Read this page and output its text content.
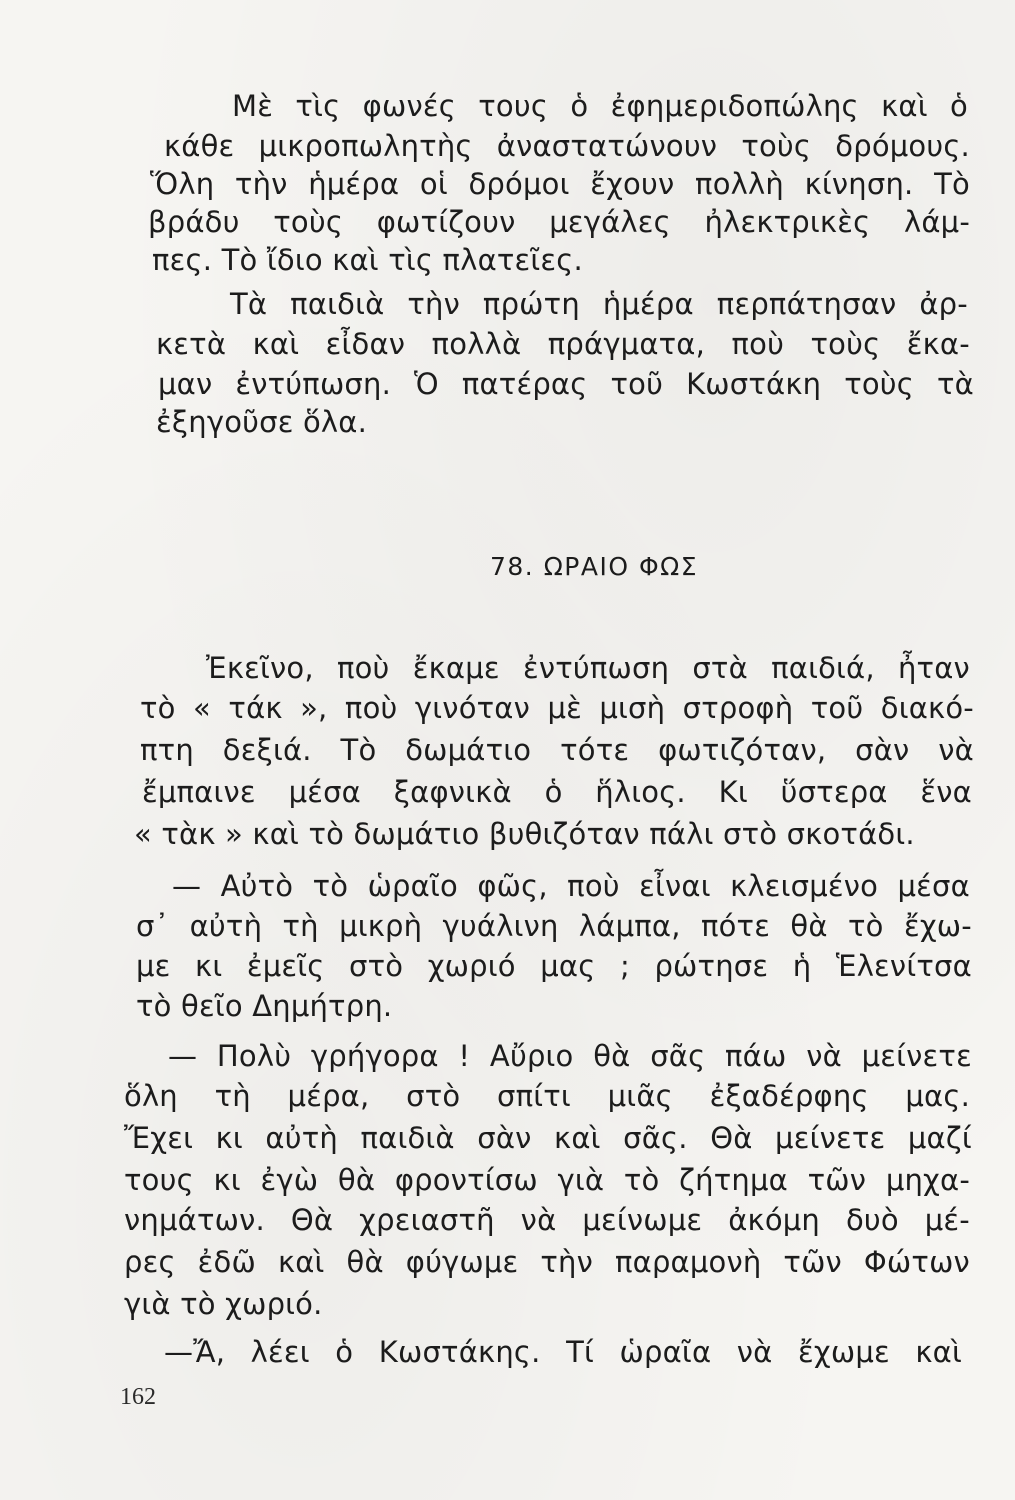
Μὲ τὶς φωνές τους ὁ ἐφημεριδοπώλης καὶ ὁ
κάθε μικροπωλητὴς ἀναστατώνουν τοὺς δρόμους.
Ὅλη τὴν ἡμέρα οἱ δρόμοι ἔχουν πολλὴ κίνηση. Τὸ
βράδυ τοὺς φωτίζουν μεγάλες ἠλεκτρικὲς λάμ-
πες. Τὸ ἴδιο καὶ τὶς πλατεῖες.
Τὰ παιδιὰ τὴν πρώτη ἡμέρα περπάτησαν ἀρ-
κετὰ καὶ εἶδαν πολλὰ πράγματα, ποὺ τοὺς ἔκα-
μαν ἐντύπωση. Ὁ πατέρας τοῦ Κωστάκη τοὺς τὰ
ἐξηγοῦσε ὅλα.
78. ΩΡΑΙΟ ΦΩΣ
Ἐκεῖνο, ποὺ ἔκαμε ἐντύπωση στὰ παιδιά, ἦταν
τὸ « τάκ », ποὺ γινόταν μὲ μισὴ στροφὴ τοῦ διακό-
πτη δεξιά. Τὸ δωμάτιο τότε φωτιζόταν, σὰν νὰ
ἔμπαινε μέσα ξαφνικὰ ὁ ἥλιος. Κι ὕστερα ἕνα
« τὰκ » καὶ τὸ δωμάτιο βυθιζόταν πάλι στὸ σκοτάδι.
— Αὐτὸ τὸ ὡραῖο φῶς, ποὺ εἶναι κλεισμένο μέσα
σ᾿ αὐτὴ τὴ μικρὴ γυάλινη λάμπα, πότε θὰ τὸ ἔχω-
με κι ἐμεῖς στὸ χωριό μας ; ρώτησε ἡ Ἑλενίτσα
τὸ θεῖο Δημήτρη.
— Πολὺ γρήγορα ! Αὔριο θὰ σᾶς πάω νὰ μείνετε
ὅλη τὴ μέρα, στὸ σπίτι μιᾶς ἐξαδέρφης μας.
Ἔχει κι αὐτὴ παιδιὰ σὰν καὶ σᾶς. Θὰ μείνετε μαζί
τους κι ἐγὼ θὰ φροντίσω γιὰ τὸ ζήτημα τῶν μηχα-
νημάτων. Θὰ χρειαστῆ νὰ μείνωμε ἀκόμη δυὸ μέ-
ρες ἐδῶ καὶ θὰ φύγωμε τὴν παραμονὴ τῶν Φώτων
γιὰ τὸ χωριό.
—Ἄ, λέει ὁ Κωστάκης. Τί ὡραῖα νὰ ἔχωμε καὶ
162
